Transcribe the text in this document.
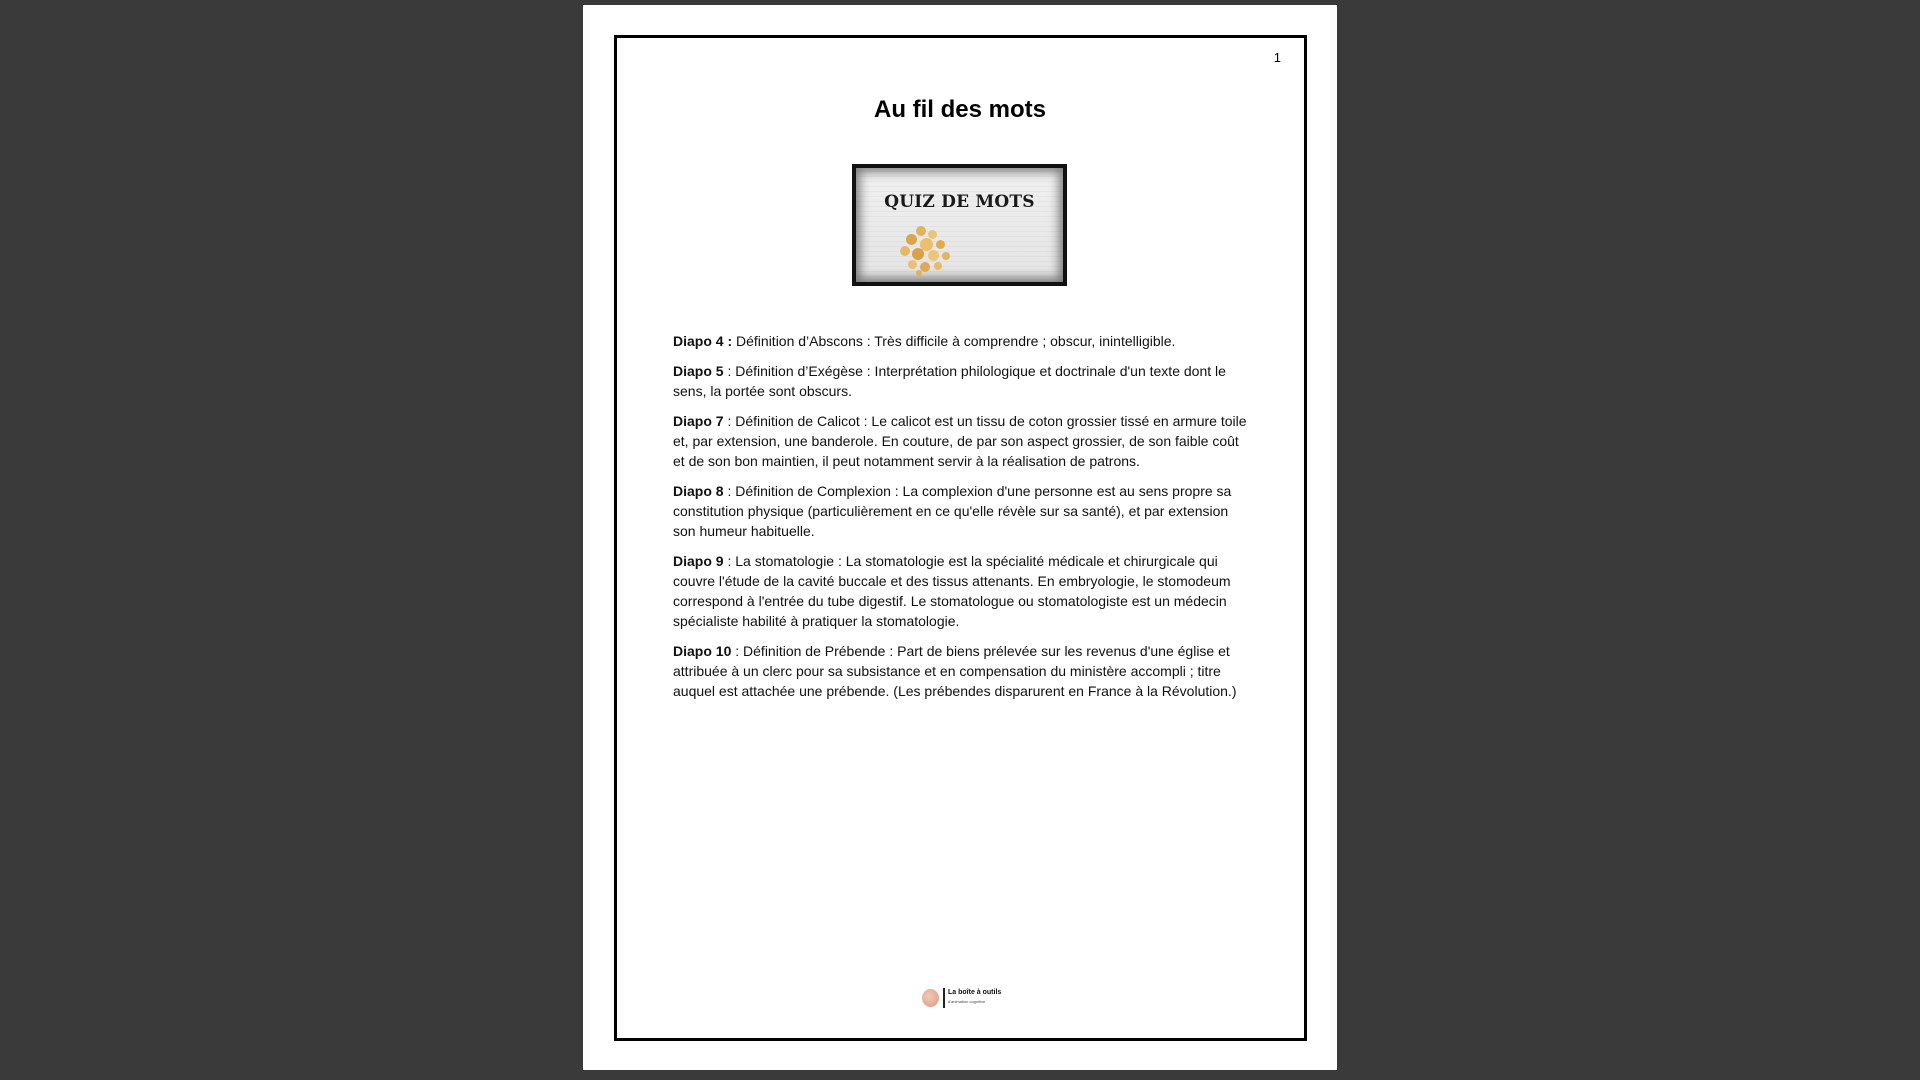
1
Au fil des mots
QUIZ DE MOTS

Diapo 4 : Définition d’Abscons : Très difficile à comprendre ; obscur, inintelligible.

Diapo 5 : Définition d’Exégèse : Interprétation philologique et doctrinale d'un texte dont le sens, la portée sont obscurs.

Diapo 7 : Définition de Calicot : Le calicot est un tissu de coton grossier tissé en armure toile et, par extension, une banderole. En couture, de par son aspect grossier, de son faible coût et de son bon maintien, il peut notamment servir à la réalisation de patrons.

Diapo 8 : Définition de Complexion : La complexion d'une personne est au sens propre sa constitution physique (particulièrement en ce qu'elle révèle sur sa santé), et par extension son humeur habituelle.

Diapo 9 : La stomatologie : La stomatologie est la spécialité médicale et chirurgicale qui couvre l'étude de la cavité buccale et des tissus attenants. En embryologie, le stomodeum correspond à l'entrée du tube digestif. Le stomatologue ou stomatologiste est un médecin spécialiste habilité à pratiquer la stomatologie.

Diapo 10 : Définition de Prébende : Part de biens prélevée sur les revenus d'une église et attribuée à un clerc pour sa subsistance et en compensation du ministère accompli ; titre auquel est attachée une prébende. (Les prébendes disparurent en France à la Révolution.)

La boîte à outils
d'animation cognitive
